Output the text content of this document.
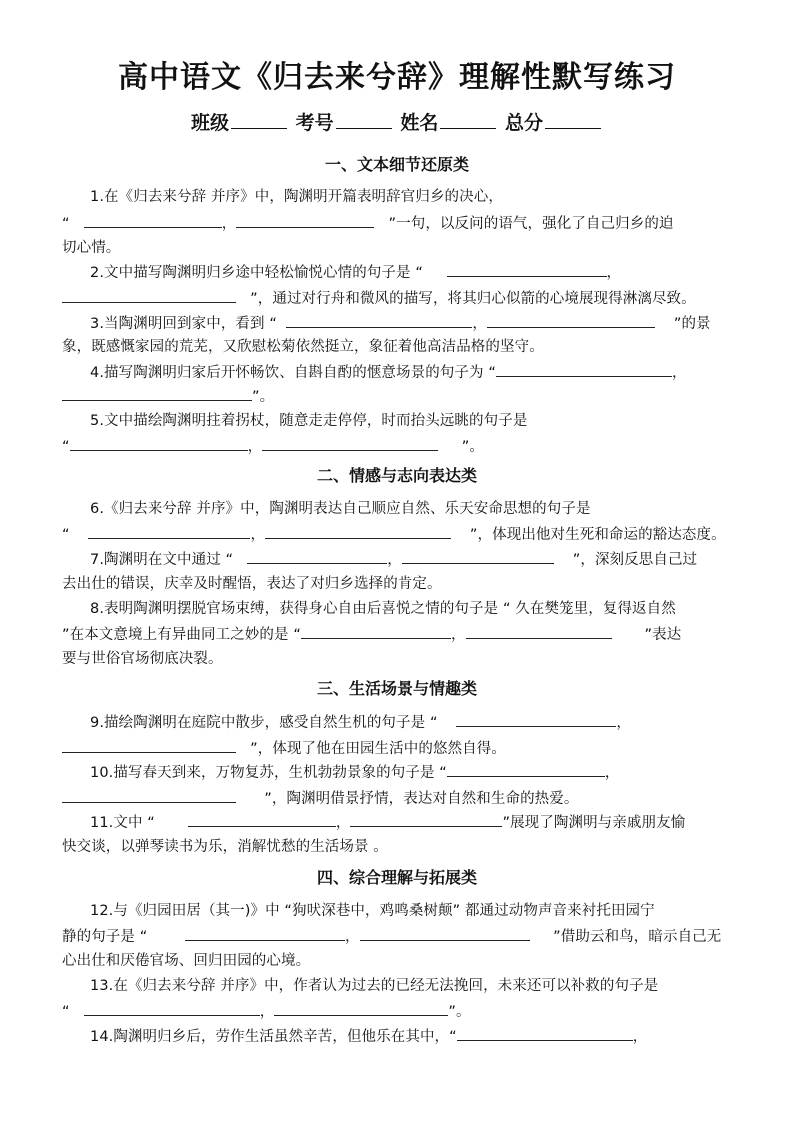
高中语文《归去来兮辞》理解性默写练习
班级	考号	姓名	总分
一、文本细节还原类
1.在《归去来兮辞 并序》中，陶渊明开篇表明辞官归乡的决心，
“	，	”一句，以反问的语气，强化了自己归乡的迫
切心情。
2.文中描写陶渊明归乡途中轻松愉悦心情的句子是 “	，
”，通过对行舟和微风的描写，将其归心似箭的心境展现得淋漓尽致。
3.当陶渊明回到家中，看到 “	，	”的景
象，既感慨家园的荒芜，又欣慰松菊依然挺立，象征着他高洁品格的坚守。
4.描写陶渊明归家后开怀畅饮、自斟自酌的惬意场景的句子为 “	，
”。
5.文中描绘陶渊明拄着拐杖，随意走走停停，时而抬头远眺的句子是
“	，	”。
二、情感与志向表达类
6.《归去来兮辞 并序》中，陶渊明表达自己顺应自然、乐天安命思想的句子是
“	，	”，体现出他对生死和命运的豁达态度。
7.陶渊明在文中通过 “	，	”，深刻反思自己过
去出仕的错误，庆幸及时醒悟，表达了对归乡选择的肯定。
8.表明陶渊明摆脱官场束缚，获得身心自由后喜悦之情的句子是 “ 久在樊笼里，复得返自然
”在本文意境上有异曲同工之妙的是 “	，	”表达
要与世俗官场彻底决裂。
三、生活场景与情趣类
9.描绘陶渊明在庭院中散步，感受自然生机的句子是 “	，
”，体现了他在田园生活中的悠然自得。
10.描写春天到来，万物复苏，生机勃勃景象的句子是 “	，
”，陶渊明借景抒情，表达对自然和生命的热爱。
11.文中 “	，	”展现了陶渊明与亲戚朋友愉
快交谈，以弹琴读书为乐，消解忧愁的生活场景 。
四、综合理解与拓展类
12.与《归园田居（其一)》中 “狗吠深巷中，鸡鸣桑树颠” 都通过动物声音来衬托田园宁
静的句子是 “	，	”借助云和鸟，暗示自己无
心出仕和厌倦官场、回归田园的心境。
13.在《归去来兮辞 并序》中，作者认为过去的已经无法挽回，未来还可以补救的句子是
“	，	”。
14.陶渊明归乡后，劳作生活虽然辛苦，但他乐在其中，“	，
